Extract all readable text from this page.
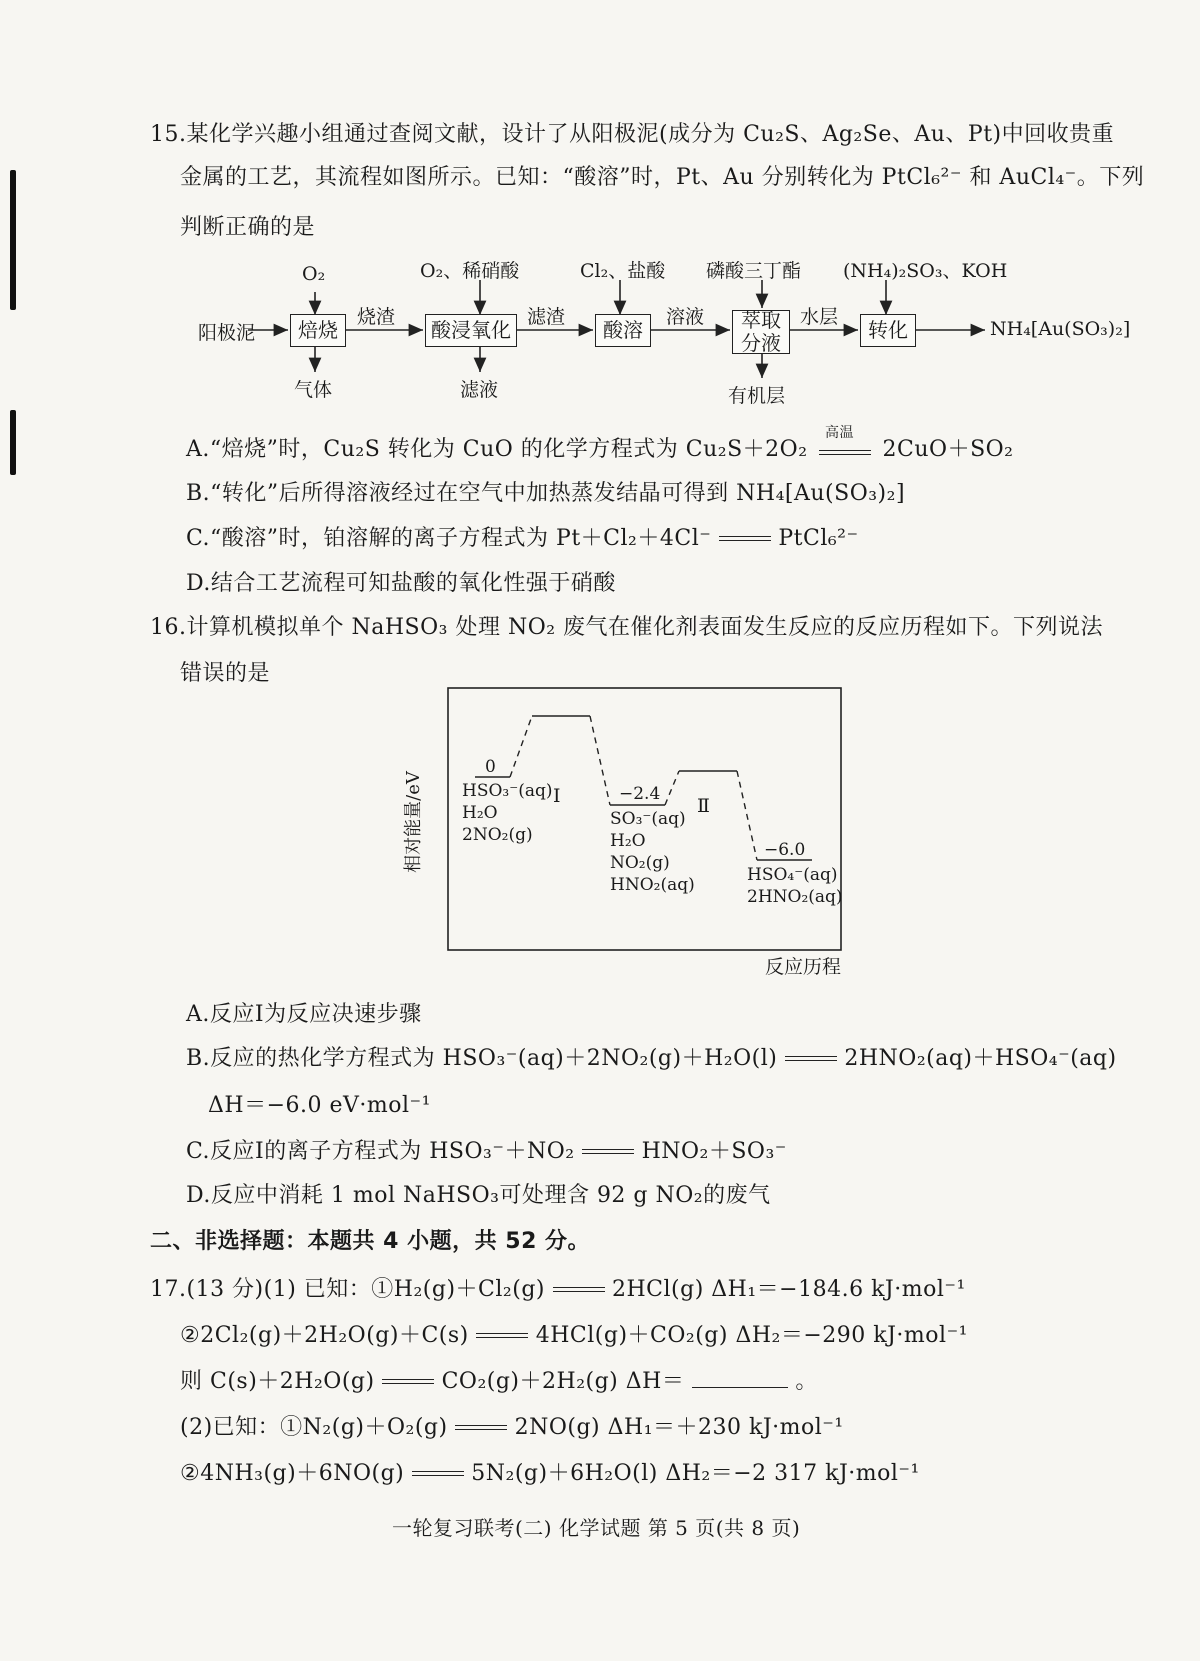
15.某化学兴趣小组通过查阅文献，设计了从阳极泥(成分为 Cu₂S、Ag₂Se、Au、Pt)中回收贵重
金属的工艺，其流程如图所示。已知：“酸溶”时，Pt、Au 分别转化为 PtCl₆²⁻ 和 AuCl₄⁻。下列
判断正确的是
阳极泥	焙烧
O₂
气体
烧渣
酸浸氧化
O₂、稀硝酸
滤液
滤渣
酸溶
Cl₂、盐酸
溶液 萃取
分液
磷酸三丁酯
有机层
水层
转化
(NH₄)₂SO₃、KOH
NH₄[Au(SO₃)₂]
A.“焙烧”时，Cu₂S 转化为 CuO 的化学方程式为 Cu₂S＋2O₂
高温
2CuO＋SO₂
B.“转化”后所得溶液经过在空气中加热蒸发结晶可得到 NH₄[Au(SO₃)₂]
C.“酸溶”时，铂溶解的离子方程式为 Pt＋Cl₂＋4Cl⁻	PtCl₆²⁻
D.结合工艺流程可知盐酸的氧化性强于硝酸
16.计算机模拟单个 NaHSO₃ 处理 NO₂ 废气在催化剂表面发生反应的反应历程如下。下列说法
错误的是
相对能量/eV
反应历程
0
HSO₃⁻(aq)
H₂O
2NO₂(g)
Ⅰ	−2.4
SO₃⁻(aq)
H₂O
NO₂(g)
HNO₂(aq)
Ⅱ
−6.0
HSO₄⁻(aq)
2HNO₂(aq)
A.反应Ⅰ为反应决速步骤
B.反应的热化学方程式为 HSO₃⁻(aq)＋2NO₂(g)＋H₂O(l)	2HNO₂(aq)＋HSO₄⁻(aq)
ΔH＝−6.0 eV·mol⁻¹
C.反应Ⅰ的离子方程式为 HSO₃⁻＋NO₂	HNO₂＋SO₃⁻
D.反应中消耗 1 mol NaHSO₃可处理含 92 g NO₂的废气
二、非选择题：本题共 4 小题，共 52 分。
17.(13 分)(1) 已知：①H₂(g)＋Cl₂(g)	2HCl(g) ΔH₁＝−184.6 kJ·mol⁻¹
②2Cl₂(g)＋2H₂O(g)＋C(s)	4HCl(g)＋CO₂(g) ΔH₂＝−290 kJ·mol⁻¹
则 C(s)＋2H₂O(g)	CO₂(g)＋2H₂(g) ΔH＝	。
(2)已知：①N₂(g)＋O₂(g)	2NO(g) ΔH₁＝＋230 kJ·mol⁻¹
②4NH₃(g)＋6NO(g)	5N₂(g)＋6H₂O(l) ΔH₂＝−2 317 kJ·mol⁻¹
一轮复习联考(二) 化学试题 第 5 页(共 8 页)
